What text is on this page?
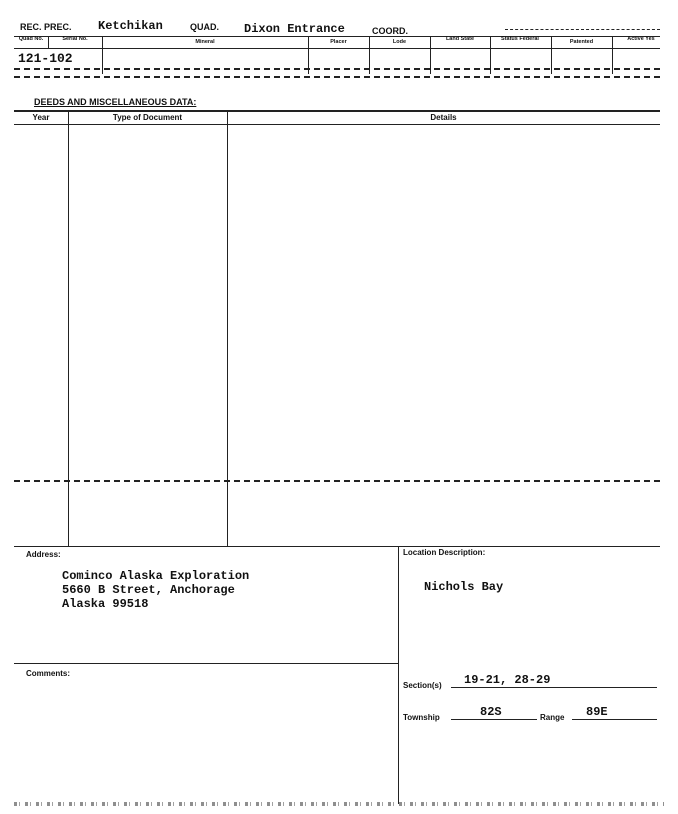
REC. PREC. Ketchikan	QUAD. Dixon Entrance	COORD.
Quad No.	Serial No.	Mineral	Placer	Lode	Land State	Status Federal	Patented	Active Yes
121-102
DEEDS AND MISCELLANEOUS DATA:
Year	Type of Document	Details
Address:
Cominco Alaska Exploration
5660 B Street, Anchorage
Alaska 99518
Location Description:
Nichols Bay
Comments:
Section(s) 19-21, 28-29
Township	82S	Range 89E
